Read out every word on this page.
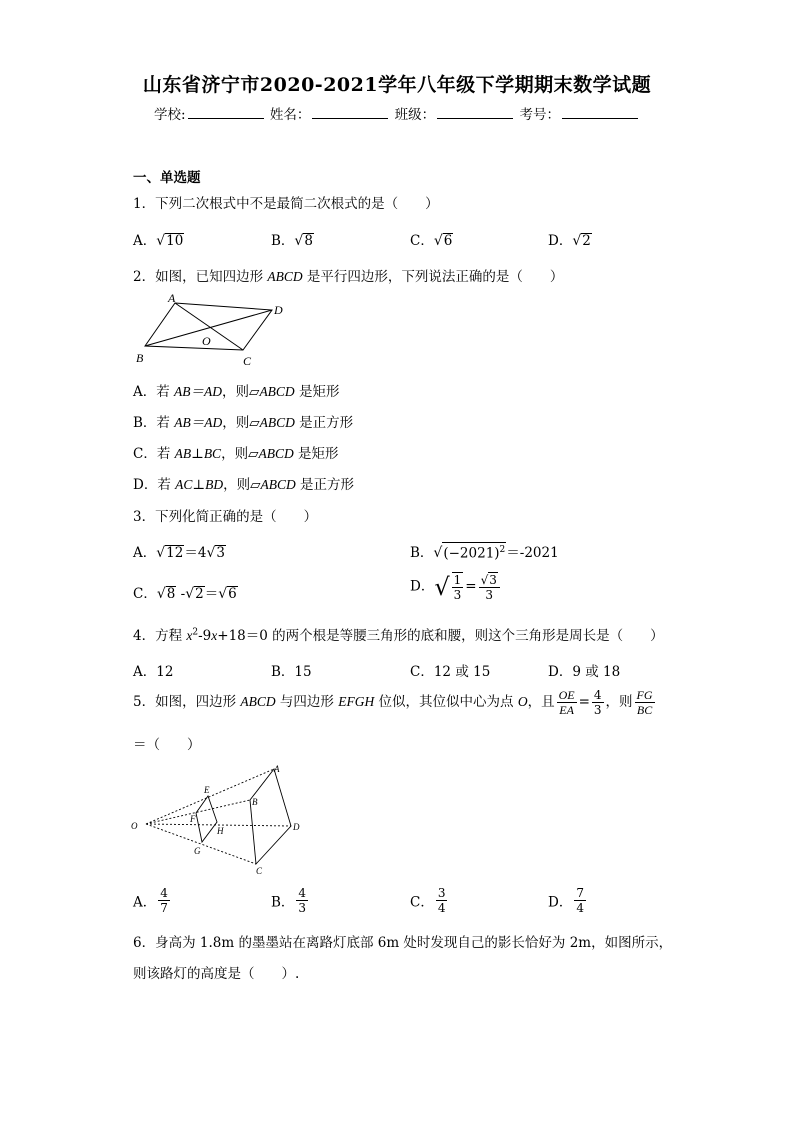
山东省济宁市2020-2021学年八年级下学期期末数学试题
学校:	姓名：	班级：	考号：
一、单选题
1．下列二次根式中不是最简二次根式的是（　　）
A．√10	B．√8	C．√6	D．√2
2．如图，已知四边形 ABCD 是平行四边形，下列说法正确的是（　　）
A
B	C
D
O
A．若 AB＝AD，则▱ABCD 是矩形
B．若 AB＝AD，则▱ABCD 是正方形
C．若 AB⊥BC，则▱ABCD 是矩形
D．若 AC⊥BD，则▱ABCD 是正方形
3．下列化简正确的是（　　）
A．√12＝4√3	B．$√(-2021)^2=-2021$
C．√8 -√2＝√6	D．√ $\frac{1}{3} = \frac{√3}{3}$
4．方程 $x^2-9x+18=0$ 的两个根是等腰三角形的底和腰，则这个三角形是周长是（　　）
A．12	B．15	C．12 或 15	D．9 或 18
5．如图，四边形 ABCD 与四边形 EFGH 位似，其位似中心为点 O，且 $\frac{OE}{EA} = \frac{4}{3}$ ，则 $\frac{FG}{BC}$
＝（　　）
O
A
B
C
D
E
F
G
H
A． $\frac{4}{7}$	B． $\frac{4}{3}$	C． $\frac{3}{4}$	D． $\frac{7}{4}$
6．身高为 1.8m 的墨墨站在离路灯底部 6m 处时发现自己的影长恰好为 2m，如图所示，
则该路灯的高度是（　　）.
